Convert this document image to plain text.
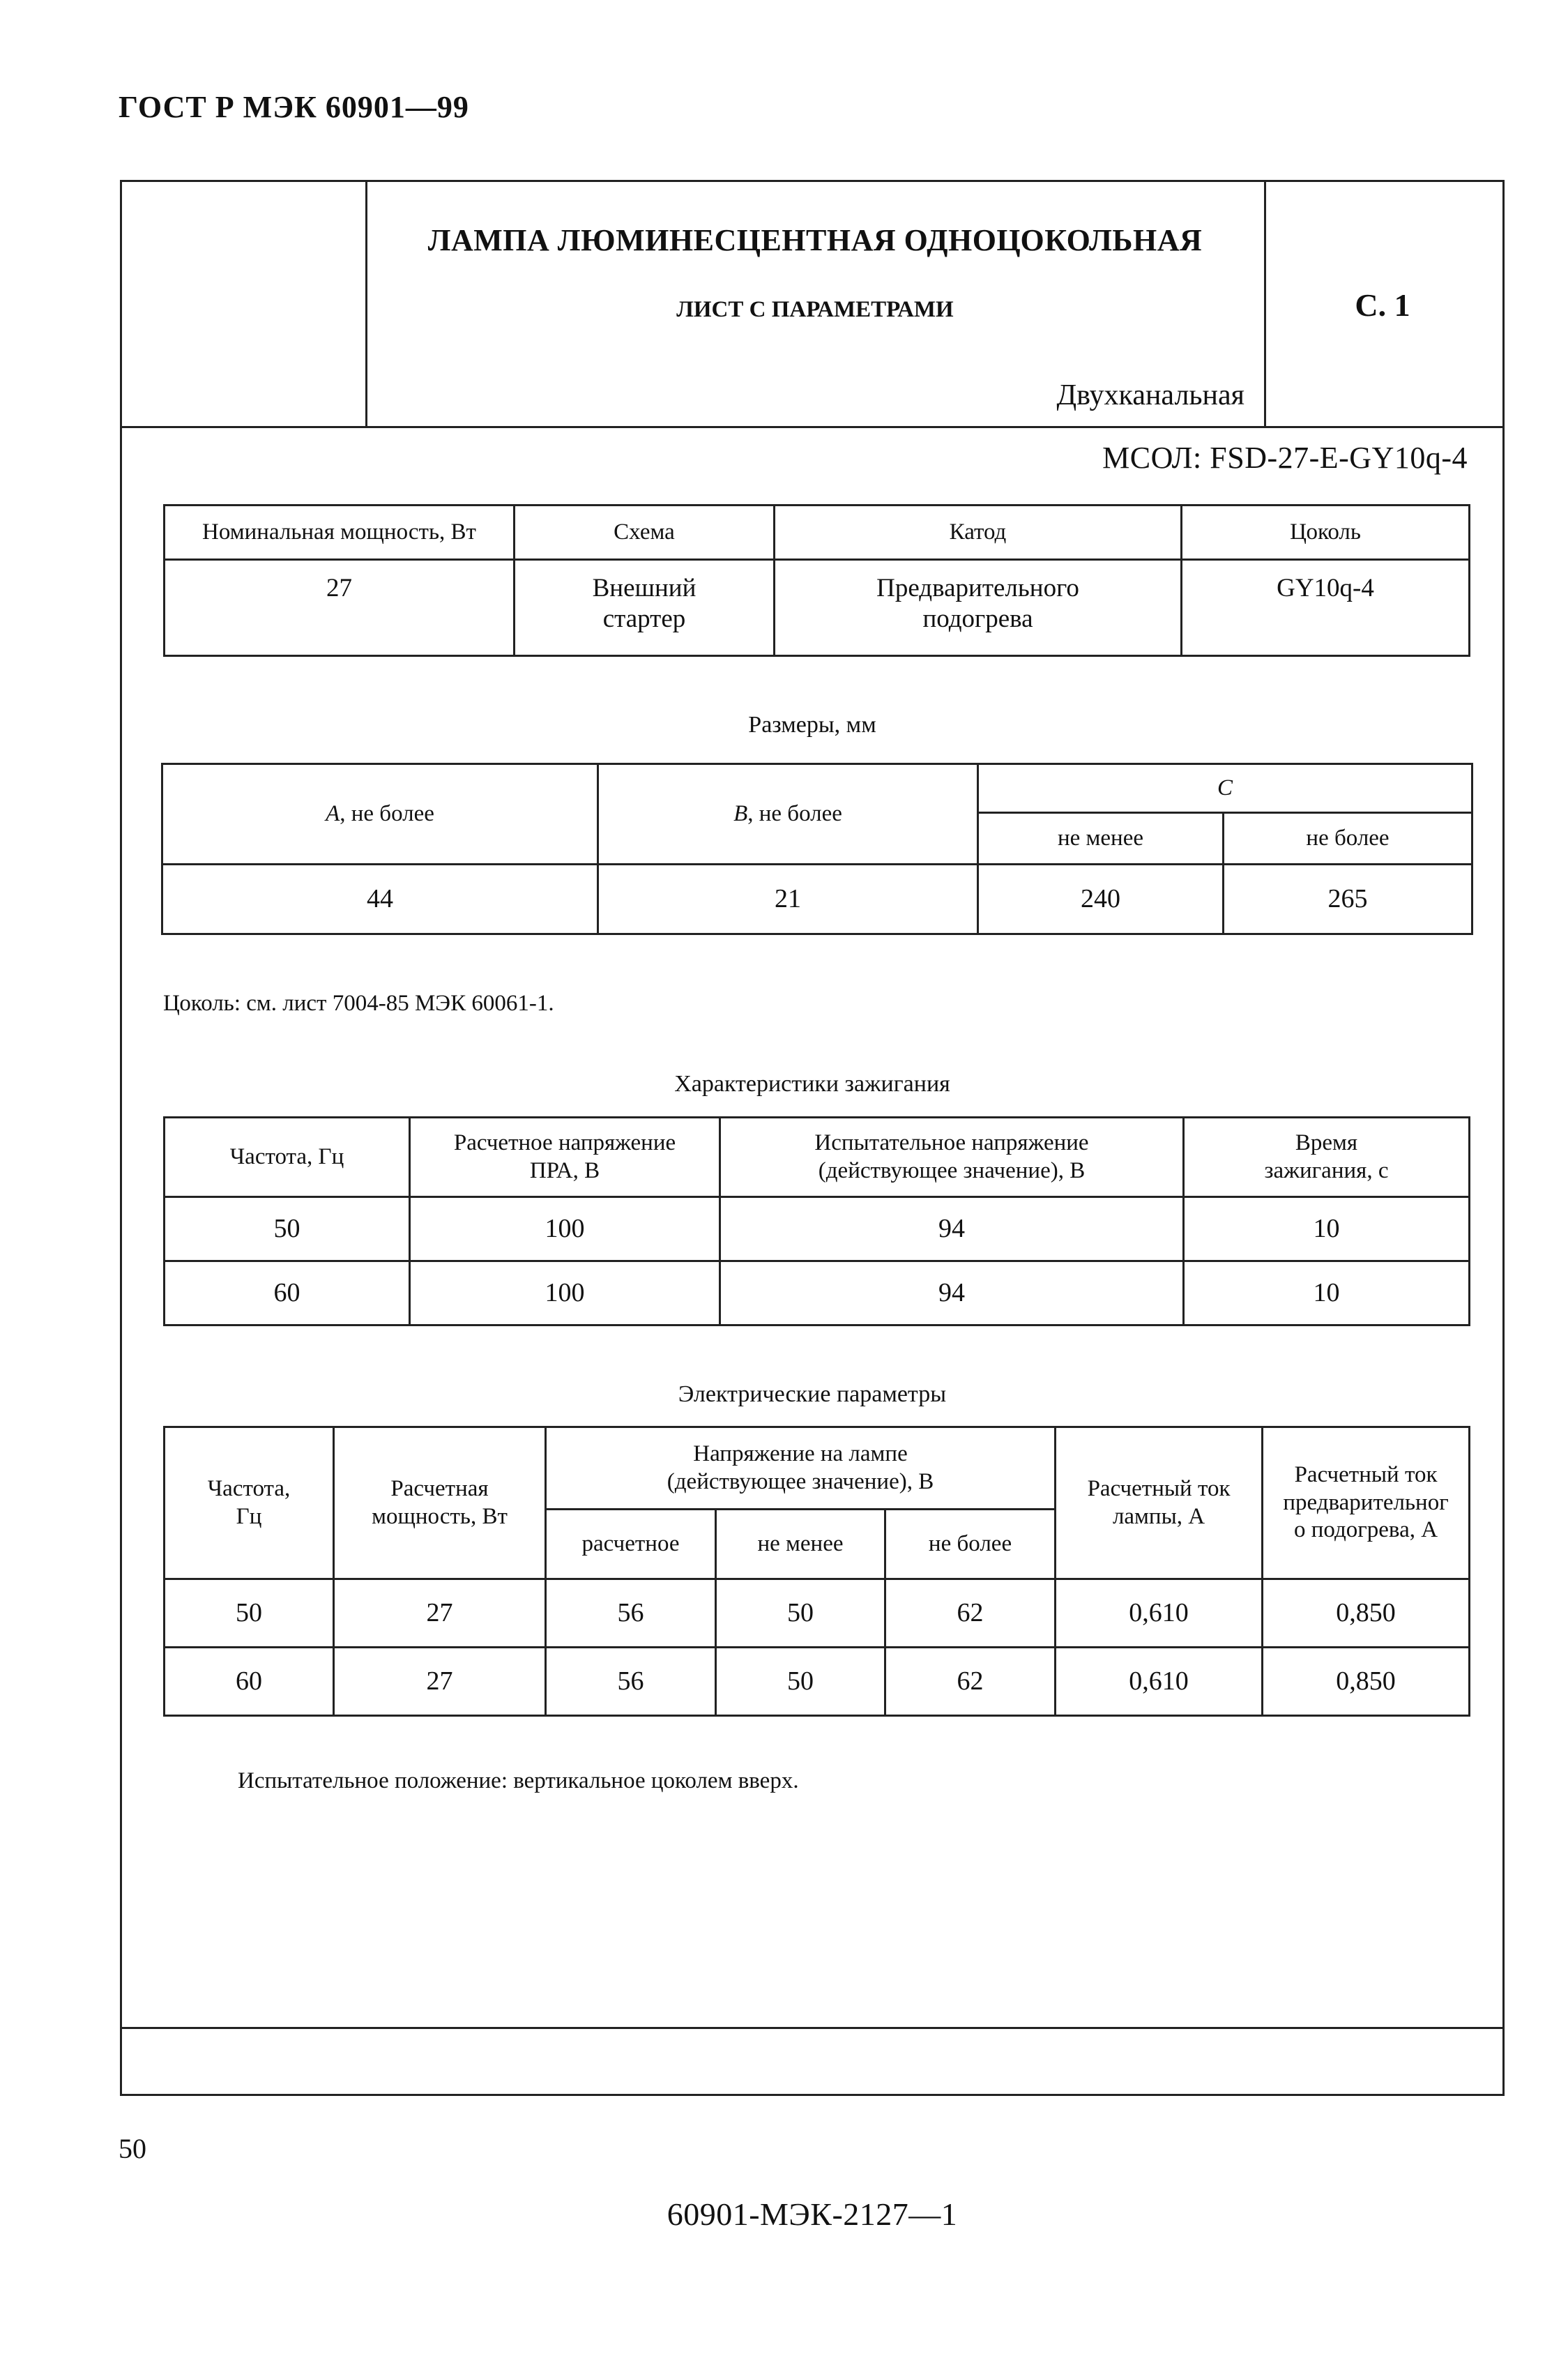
ГОСТ Р МЭК 60901—99
ЛАМПА ЛЮМИНЕСЦЕНТНАЯ ОДНОЦОКОЛЬНАЯ
ЛИСТ С ПАРАМЕТРАМИ
Двухканальная
С. 1
МСОЛ: FSD-27-E-GY10q-4
Номинальная мощность, Вт	Схема	Катод	Цоколь
27	Внешний стартер	Предварительного подогрева	GY10q-4
Размеры, мм
A, не более	B, не более	C	
		не менее	не более
44	21	240	265
Цоколь: см. лист 7004-85 МЭК 60061-1.
Характеристики зажигания
Частота, Гц	Расчетное напряжение ПРА, В	Испытательное напряжение (действующее значение), В	Время зажигания, с
50	100	94	10
60	100	94	10
Электрические параметры
Частота, Гц	Расчетная мощность, Вт	Напряжение на лампе (действующее значение), В			Расчетный ток лампы, А	Расчетный ток предварительного подогрева, А
		расчетное	не менее	не более		
50	27	56	50	62	0,610	0,850
60	27	56	50	62	0,610	0,850
Испытательное положение: вертикальное цоколем вверх.
60901-МЭК-2127—1
50
